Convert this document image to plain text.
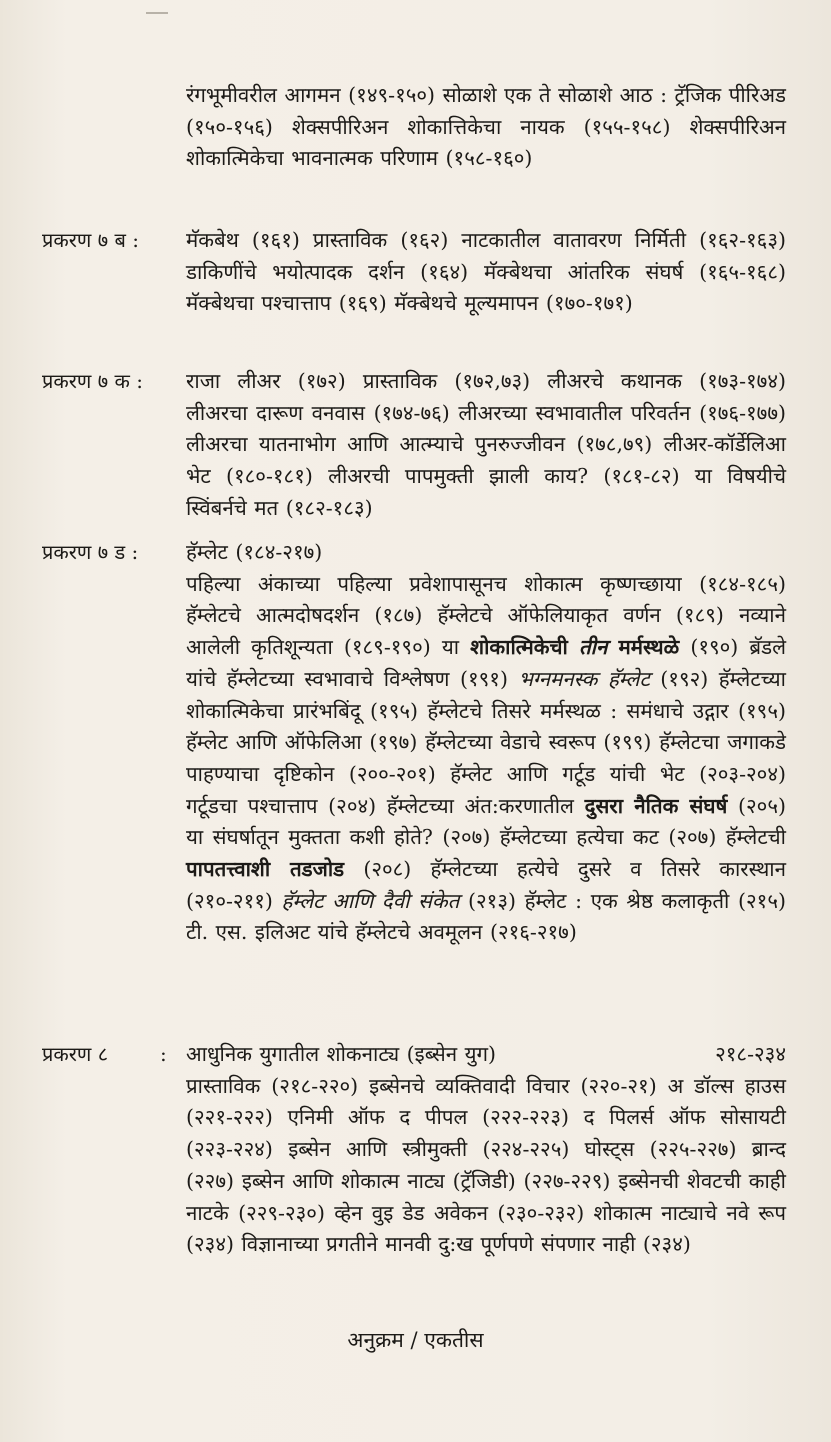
रंगभूमीवरील आगमन (१४९-१५०) सोळाशे एक ते सोळाशे आठ : ट्रॅजिक पीरिअड (१५०-१५६) शेक्सपीरिअन शोकात्तिकेचा नायक (१५५-१५८) शेक्सपीरिअन शोकात्मिकेचा भावनात्मक परिणाम (१५८-१६०)
प्रकरण ७ ब :	मॅकबेथ (१६१) प्रास्ताविक (१६२) नाटकातील वातावरण निर्मिती (१६२-१६३) डाकिणींचे भयोत्पादक दर्शन (१६४) मॅक्बेथचा आंतरिक संघर्ष (१६५-१६८) मॅक्बेथचा पश्चात्ताप (१६९) मॅक्बेथचे मूल्यमापन (१७०-१७१)
प्रकरण ७ क :	राजा लीअर (१७२) प्रास्ताविक (१७२,७३) लीअरचे कथानक (१७३-१७४) लीअरचा दारूण वनवास (१७४-७६) लीअरच्या स्वभावातील परिवर्तन (१७६-१७७) लीअरचा यातनाभोग आणि आत्म्याचे पुनरुज्जीवन (१७८,७९) लीअर-कॉर्डेलिआ भेट (१८०-१८१) लीअरची पापमुक्ती झाली काय? (१८१-८२) या विषयीचे स्विंबर्नचे मत (१८२-१८३)
प्रकरण ७ ड :	हॅम्लेट (१८४-२१७)
पहिल्या अंकाच्या पहिल्या प्रवेशापासूनच शोकात्म कृष्णच्छाया (१८४-१८५) हॅम्लेटचे आत्मदोषदर्शन (१८७) हॅम्लेटचे ऑफेलियाकृत वर्णन (१८९) नव्याने आलेली कृतिशून्यता (१८९-१९०) या शोकात्मिकेची तीन मर्मस्थळे (१९०) ब्रॅडले यांचे हॅम्लेटच्या स्वभावाचे विश्लेषण (१९१) भग्नमनस्क हॅम्लेट (१९२) हॅम्लेटच्या शोकात्मिकेचा प्रारंभबिंदू (१९५) हॅम्लेटचे तिसरे मर्मस्थळ : समंधाचे उद्गार (१९५) हॅम्लेट आणि ऑफेलिआ (१९७) हॅम्लेटच्या वेडाचे स्वरूप (१९९) हॅम्लेटचा जगाकडे पाहण्याचा दृष्टिकोन (२००-२०१) हॅम्लेट आणि गर्टूड यांची भेट (२०३-२०४) गर्टूडचा पश्चात्ताप (२०४) हॅम्लेटच्या अंत:करणातील दुसरा नैतिक संघर्ष (२०५) या संघर्षातून मुक्तता कशी होते? (२०७) हॅम्लेटच्या हत्येचा कट (२०७) हॅम्लेटची पापतत्त्वाशी तडजोड (२०८) हॅम्लेटच्या हत्येचे दुसरे व तिसरे कारस्थान (२१०-२११) हॅम्लेट आणि दैवी संकेत (२१३) हॅम्लेट : एक श्रेष्ठ कलाकृती (२१५) टी. एस. इलिअट यांचे हॅम्लेटचे अवमूलन (२१६-२१७)
प्रकरण ८	: आधुनिक युगातील शोकनाट्य (इब्सेन युग)	२१८-२३४
प्रास्ताविक (२१८-२२०) इब्सेनचे व्यक्तिवादी विचार (२२०-२१) अ डॉल्स हाउस (२२१-२२२) एनिमी ऑफ द पीपल (२२२-२२३) द पिलर्स ऑफ सोसायटी (२२३-२२४) इब्सेन आणि स्त्रीमुक्ती (२२४-२२५) घोस्ट्स (२२५-२२७) ब्रान्द (२२७) इब्सेन आणि शोकात्म नाट्य (ट्रॅजिडी) (२२७-२२९) इब्सेनची शेवटची काही नाटके (२२९-२३०) व्हेन वुइ डेड अवेकन (२३०-२३२) शोकात्म नाट्याचे नवे रूप (२३४) विज्ञानाच्या प्रगतीने मानवी दु:ख पूर्णपणे संपणार नाही (२३४)
अनुक्रम / एकतीस
